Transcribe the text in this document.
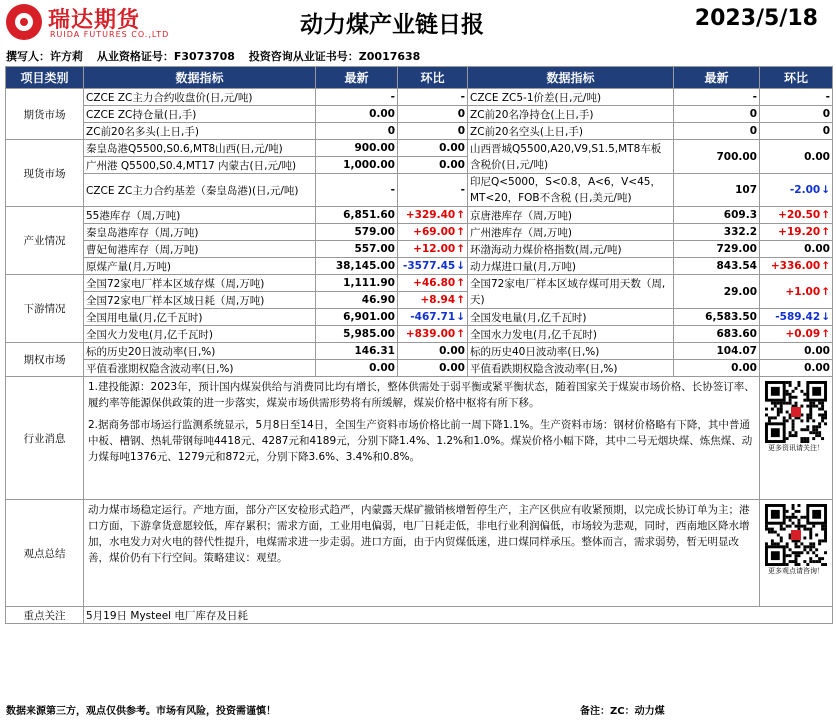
瑞达期货
RUIDA FUTURES CO.,LTD	动力煤产业链日报	2023/5/18
撰写人：许方莉 从业资格证号：F3073708 投资咨询从业证书号：Z0017638
项目类别	数据指标	最新	环比	数据指标	最新	环比
期货市场	CZCE ZC主力合约收盘价(日,元/吨)	-	-	CZCE ZC5-1价差(日,元/吨)	-	-
	CZCE ZC持仓量(日,手)	0.00	0	ZC前20名净持仓(上日,手)	0	0
	ZC前20名多头(上日,手)	0	0	ZC前20名空头(上日,手)	0	0
现货市场	秦皇岛港Q5500,S0.6,MT8山西(日,元/吨)	900.00	0.00	山西晋城Q5500,A20,V9,S1.5,MT8车板含税价(日,元/吨)	700.00	0.00
	广州港 Q5500,S0.4,MT17 内蒙古(日,元/吨)	1,000.00	0.00			
	CZCE ZC主力合约基差（秦皇岛港)(日,元/吨)	-	-	印尼Q<5000，S<0.8，A<6，V<45，MT<20，FOB不含税 (日,美元/吨)	107	-2.00↓
产业情况	55港库存（周,万吨)	6,851.60	+329.40↑	京唐港库存（周,万吨)	609.3	+20.50↑
	秦皇岛港库存（周,万吨)	579.00	+69.00↑	广州港库存（周,万吨)	332.2	+19.20↑
	曹妃甸港库存（周,万吨)	557.00	+12.00↑	环渤海动力煤价格指数(周,元/吨)	729.00	0.00
	原煤产量(月,万吨)	38,145.00	-3577.45↓	动力煤进口量(月,万吨)	843.54	+336.00↑
下游情况	全国72家电厂样本区域存煤（周,万吨)	1,111.90	+46.80↑	全国72家电厂样本区域存煤可用天数（周,天)	29.00	+1.00↑
	全国72家电厂样本区域日耗（周,万吨)	46.90	+8.94↑			
	全国用电量(月,亿千瓦时)	6,901.00	-467.71↓	全国发电量(月,亿千瓦时)	6,583.50	-589.42↓
	全国火力发电(月,亿千瓦时)	5,985.00	+839.00↑	全国水力发电(月,亿千瓦时)	683.60	+0.09↑
期权市场	标的历史20日波动率(日,%)	146.31	0.00	标的历史40日波动率(日,%)	104.07	0.00
	平值看涨期权隐含波动率(日,%)	0.00	0.00	平值看跌期权隐含波动率(日,%)	0.00	0.00
行业消息	1.建投能源：2023年，预计国内煤炭供给与消费同比均有增长，整体供需处于弱平衡或紧平衡状态，随着国家关于煤炭市场价格、长协签订率、履约率等能源保供政策的进一步落实，煤炭市场供需形势将有所缓解，煤炭价格中枢将有所下移。
2.据商务部市场运行监测系统显示，5月8日至14日，全国生产资料市场价格比前一周下降1.1%。生产资料市场：钢材价格略有下降，其中普通中板、槽钢、热轧带钢每吨4418元、4287元和4189元，分别下降1.4%、1.2%和1.0%。煤炭价格小幅下降，其中二号无烟块煤、炼焦煤、动力煤每吨1376元、1279元和872元，分别下降3.6%、3.4%和0.8%。					更多资讯请关注！

观点总结	动力煤市场稳定运行。产地方面，部分产区安检形式趋严，内蒙露天煤矿撤销核增暂停生产，主产区供应有收紧预期，以完成长协订单为主；港口方面，下游拿货意愿较低，库存累积；需求方面，工业用电偏弱，电厂日耗走低，非电行业利润偏低，市场较为悲观，同时，西南地区降水增加，水电发力对火电的替代性提升，电煤需求进一步走弱。进口方面，由于内贸煤低迷，进口煤同样承压。整体而言，需求弱势，暂无明显改善，煤价仍有下行空间。策略建议：观望。					更多观点请咨询！

重点关注	5月19日 Mysteel 电厂库存及日耗					
数据来源第三方，观点仅供参考。市场有风险，投资需谨慎！	备注：ZC：动力煤
